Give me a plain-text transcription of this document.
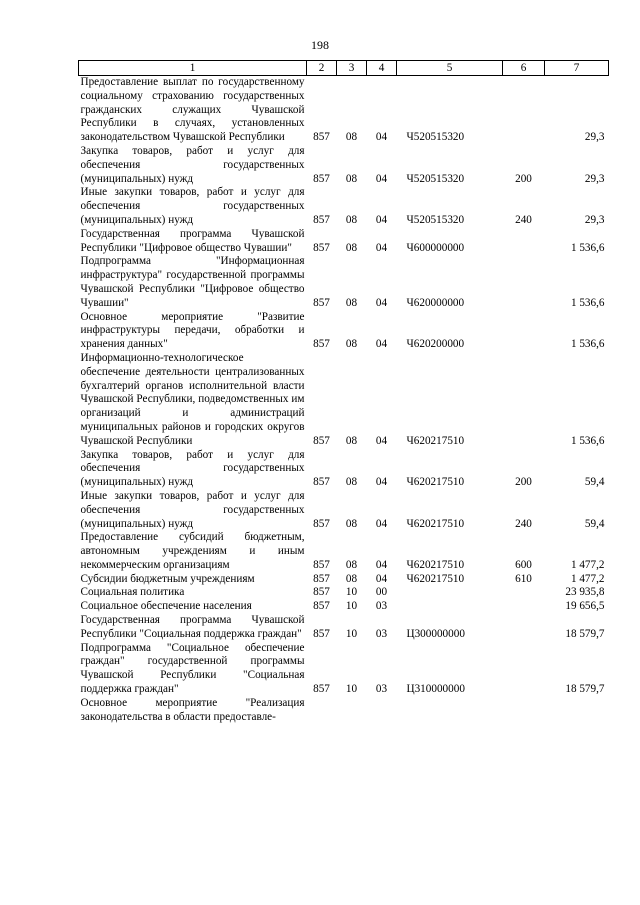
198
1	2	3	4	5	6	7
Предоставление выплат по государственному социальному страхованию государственных гражданских служащих Чувашской Республики в случаях, установленных законодательством Чувашской Республики	857	08	04	Ч520515320		29,3
Закупка товаров, работ и услуг для обеспечения государственных (муниципальных) нужд	857	08	04	Ч520515320	200	29,3
Иные закупки товаров, работ и услуг для обеспечения государственных (муниципальных) нужд	857	08	04	Ч520515320	240	29,3
Государственная программа Чувашской Республики "Цифровое общество Чувашии"	857	08	04	Ч600000000		1 536,6
Подпрограмма "Информационная инфраструктура" государственной программы Чувашской Республики "Цифровое общество Чувашии"	857	08	04	Ч620000000		1 536,6
Основное мероприятие "Развитие инфраструктуры передачи, обработки и хранения данных"	857	08	04	Ч620200000		1 536,6
Информационно-технологическое обеспечение деятельности централизованных бухгалтерий органов исполнительной власти Чувашской Республики, подведомственных им организаций и администраций муниципальных районов и городских округов Чувашской Республики	857	08	04	Ч620217510		1 536,6
Закупка товаров, работ и услуг для обеспечения государственных (муниципальных) нужд	857	08	04	Ч620217510	200	59,4
Иные закупки товаров, работ и услуг для обеспечения государственных (муниципальных) нужд	857	08	04	Ч620217510	240	59,4
Предоставление субсидий бюджетным, автономным учреждениям и иным некоммерческим организациям	857	08	04	Ч620217510	600	1 477,2
Субсидии бюджетным учреждениям	857	08	04	Ч620217510	610	1 477,2
Социальная политика	857	10	00			23 935,8
Социальное обеспечение населения	857	10	03			19 656,5
Государственная программа Чувашской Республики "Социальная поддержка граждан"	857	10	03	Ц300000000		18 579,7
Подпрограмма "Социальное обеспечение граждан" государственной программы Чувашской Республики "Социальная поддержка граждан"	857	10	03	Ц310000000		18 579,7
Основное мероприятие "Реализация законодательства в области предоставле-						
